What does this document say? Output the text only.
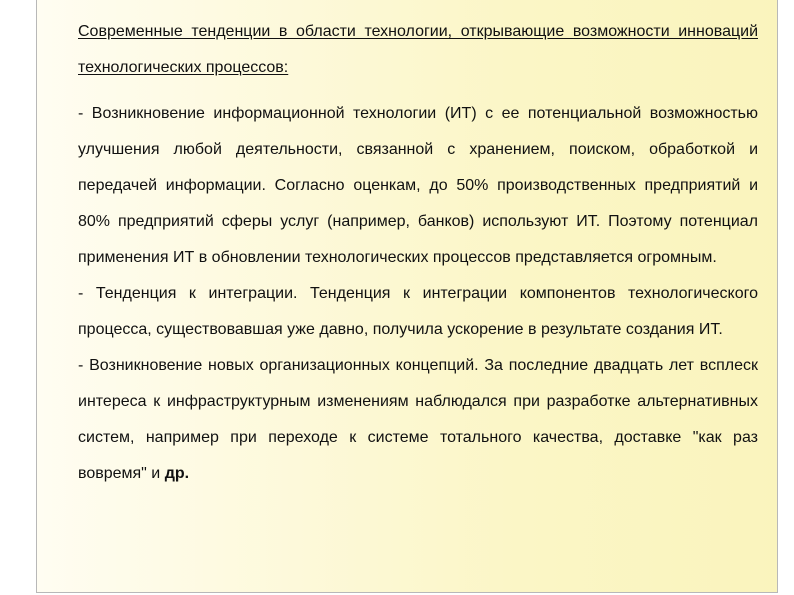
Современные тенденции в области технологии, открывающие возможности инноваций технологических процессов:

- Возникновение информационной технологии (ИТ) с ее потенциальной возможностью улучшения любой деятельности, связанной с хранением, поиском, обработкой и передачей информации. Согласно оценкам, до 50% производственных предприятий и 80% предприятий сферы услуг (например, банков) используют ИТ. Поэтому потенциал применения ИТ в обновлении технологических процессов представляется огромным.

- Тенденция к интеграции. Тенденция к интеграции компонентов технологического процесса, существовавшая уже давно, получила ускорение в результате создания ИТ.

- Возникновение новых организационных концепций. За последние двадцать лет всплеск интереса к инфраструктурным изменениям наблюдался при разработке альтернативных систем, например при переходе к системе тотального качества, доставке "как раз вовремя" и др.
